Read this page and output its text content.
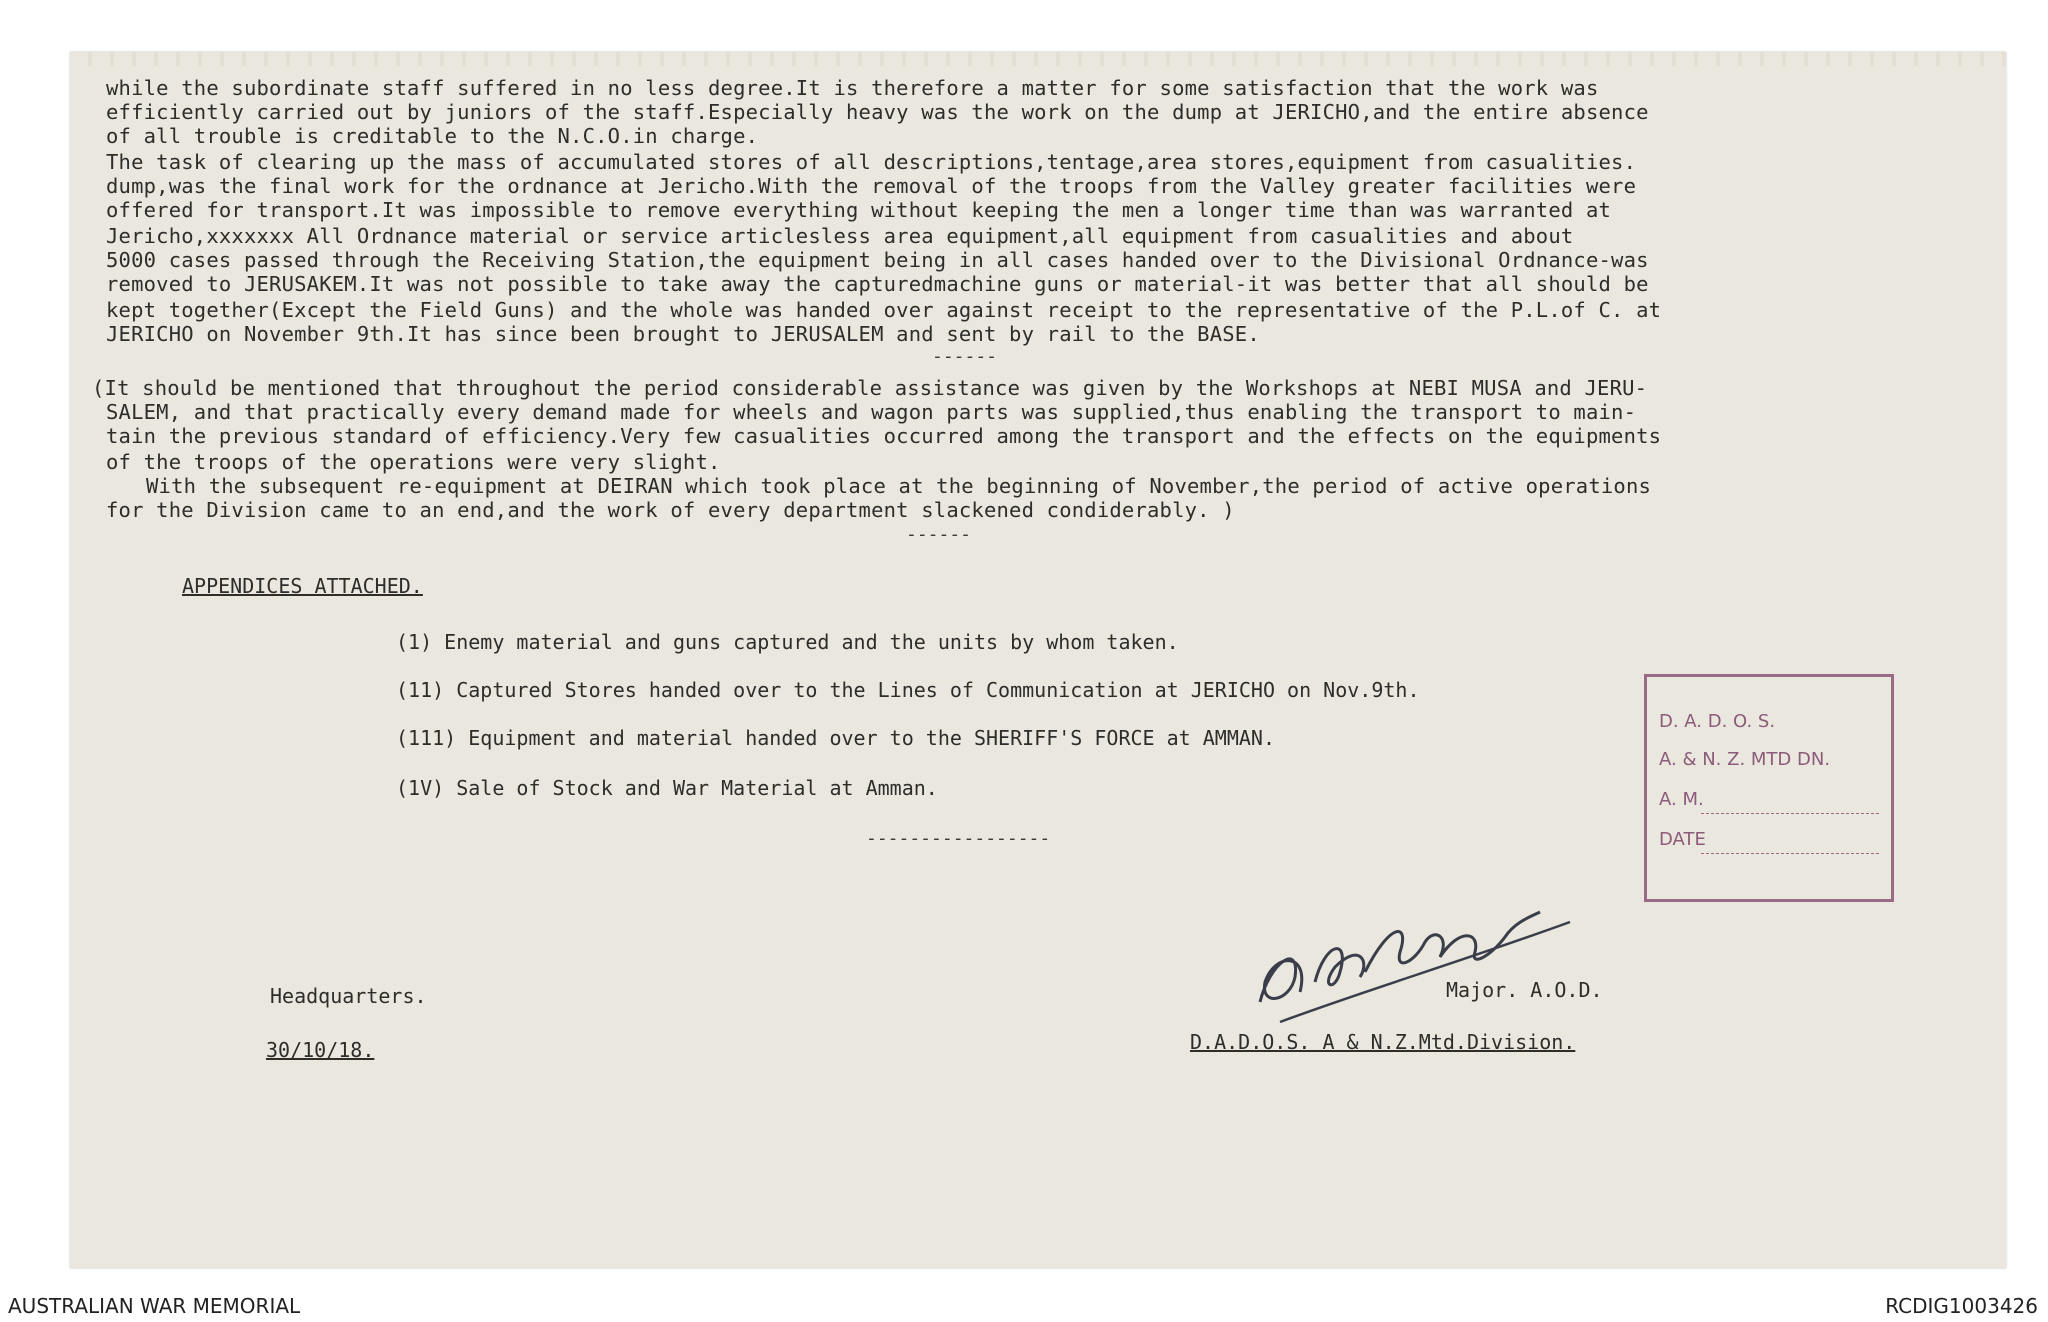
while the subordinate staff suffered in no less degree.It is therefore a matter for some satisfaction that the work was

efficiently carried out by juniors of the staff.Especially heavy was the work on the dump at JERICHO,and the entire absence

of all trouble is creditable to the N.C.O.in charge.

The task of clearing up the mass of accumulated stores of all descriptions,tentage,area stores,equipment from casualities.

dump,was the final work for the ordnance at Jericho.With the removal of the troops from the Valley greater facilities were

offered for transport.It was impossible to remove everything without keeping the men a longer time than was warranted at

Jericho,xxxxxxx All Ordnance material or service articlesless area equipment,all equipment from casualities and about

5000 cases passed through the Receiving Station,the equipment being in all cases handed over to the Divisional Ordnance-was

removed to JERUSAKEM.It was not possible to take away the capturedmachine guns or material-it was better that all should be

kept together(Except the Field Guns) and the whole was handed over against receipt to the representative of the P.L.of C. at

JERICHO on November 9th.It has since been brought to JERUSALEM and sent by rail to the BASE.

------

(It should be mentioned that throughout the period considerable assistance was given by the Workshops at NEBI MUSA and JERU-

SALEM, and that practically every demand made for wheels and wagon parts was supplied,thus enabling the transport to main-

tain the previous standard of efficiency.Very few casualities occurred among the transport and the effects on the equipments

of the troops of the operations were very slight.

With the subsequent re-equipment at DEIRAN which took place at the beginning of November,the period of active operations

for the Division came to an end,and the work of every department slackened condiderably. )

------

APPENDICES ATTACHED.

(1) Enemy material and guns captured and the units by whom taken.

(11) Captured Stores handed over to the Lines of Communication at JERICHO on Nov.9th.

(111) Equipment and material handed over to the SHERIFF'S FORCE at AMMAN.

(1V) Sale of Stock and War Material at Amman.

-----------------

D. A. D. O. S.

A. & N. Z. MTD DN.

A. M.

DATE

Headquarters.

30/10/18.

Major. A.O.D.

D.A.D.O.S. A & N.Z.Mtd.Division.

AUSTRALIAN WAR MEMORIAL	RCDIG1003426
